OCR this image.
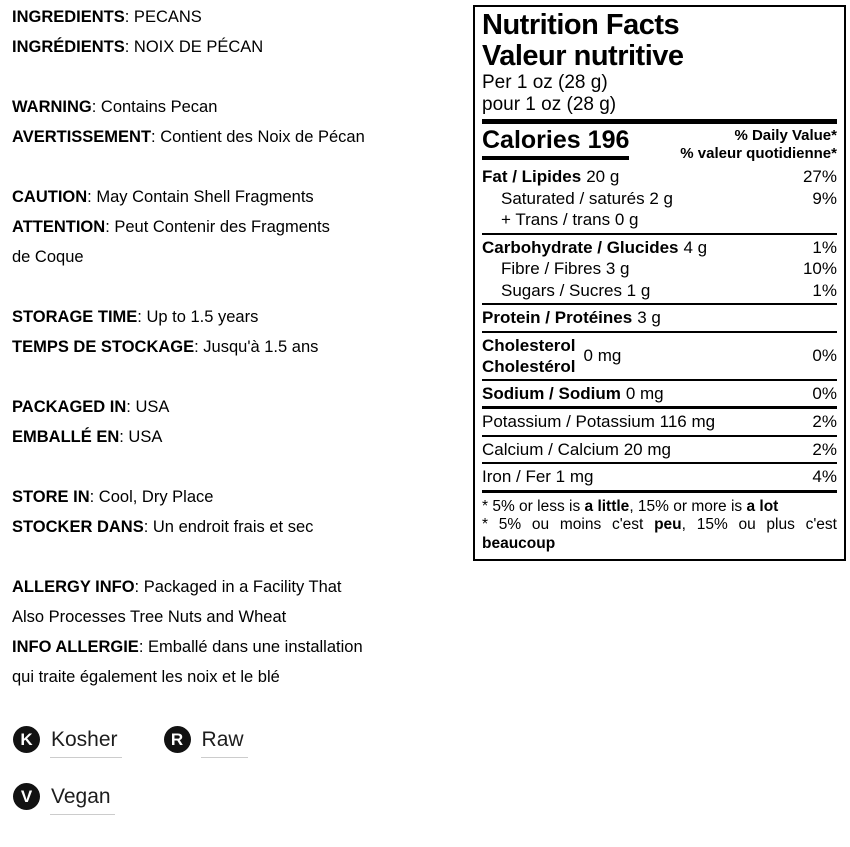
INGREDIENTS: PECANS
INGRÉDIENTS: NOIX DE PÉCAN
WARNING: Contains Pecan
AVERTISSEMENT: Contient des Noix de Pécan
CAUTION: May Contain Shell Fragments
ATTENTION: Peut Contenir des Fragments
de Coque
STORAGE TIME: Up to 1.5 years
TEMPS DE STOCKAGE: Jusqu'à 1.5 ans
PACKAGED IN: USA
EMBALLÉ EN: USA
STORE IN: Cool, Dry Place
STOCKER DANS: Un endroit frais et sec
ALLERGY INFO: Packaged in a Facility That
Also Processes Tree Nuts and Wheat
INFO ALLERGIE: Emballé dans une installation
qui traite également les noix et le blé
Nutrition Facts
Valeur nutritive
Per 1 oz (28 g)
pour 1 oz (28 g)
Calories 196	% Daily Value*
% valeur quotidienne*
Fat / Lipides 20 g	27%
Saturated / saturés 2 g	9%
+ Trans / trans 0 g
Carbohydrate / Glucides 4 g	1%
Fibre / Fibres 3 g	10%
Sugars / Sucres 1 g	1%
Protein / Protéines 3 g
Cholesterol
Cholestérol
0 mg	0%
Sodium / Sodium 0 mg	0%
Potassium / Potassium 116 mg	2%
Calcium / Calcium 20 mg	2%
Iron / Fer 1 mg	4%
* 5% or less is a little, 15% or more is a lot
* 5% ou moins c'est peu, 15% ou plus c'est beaucoup
K Kosher	R Raw
V Vegan
